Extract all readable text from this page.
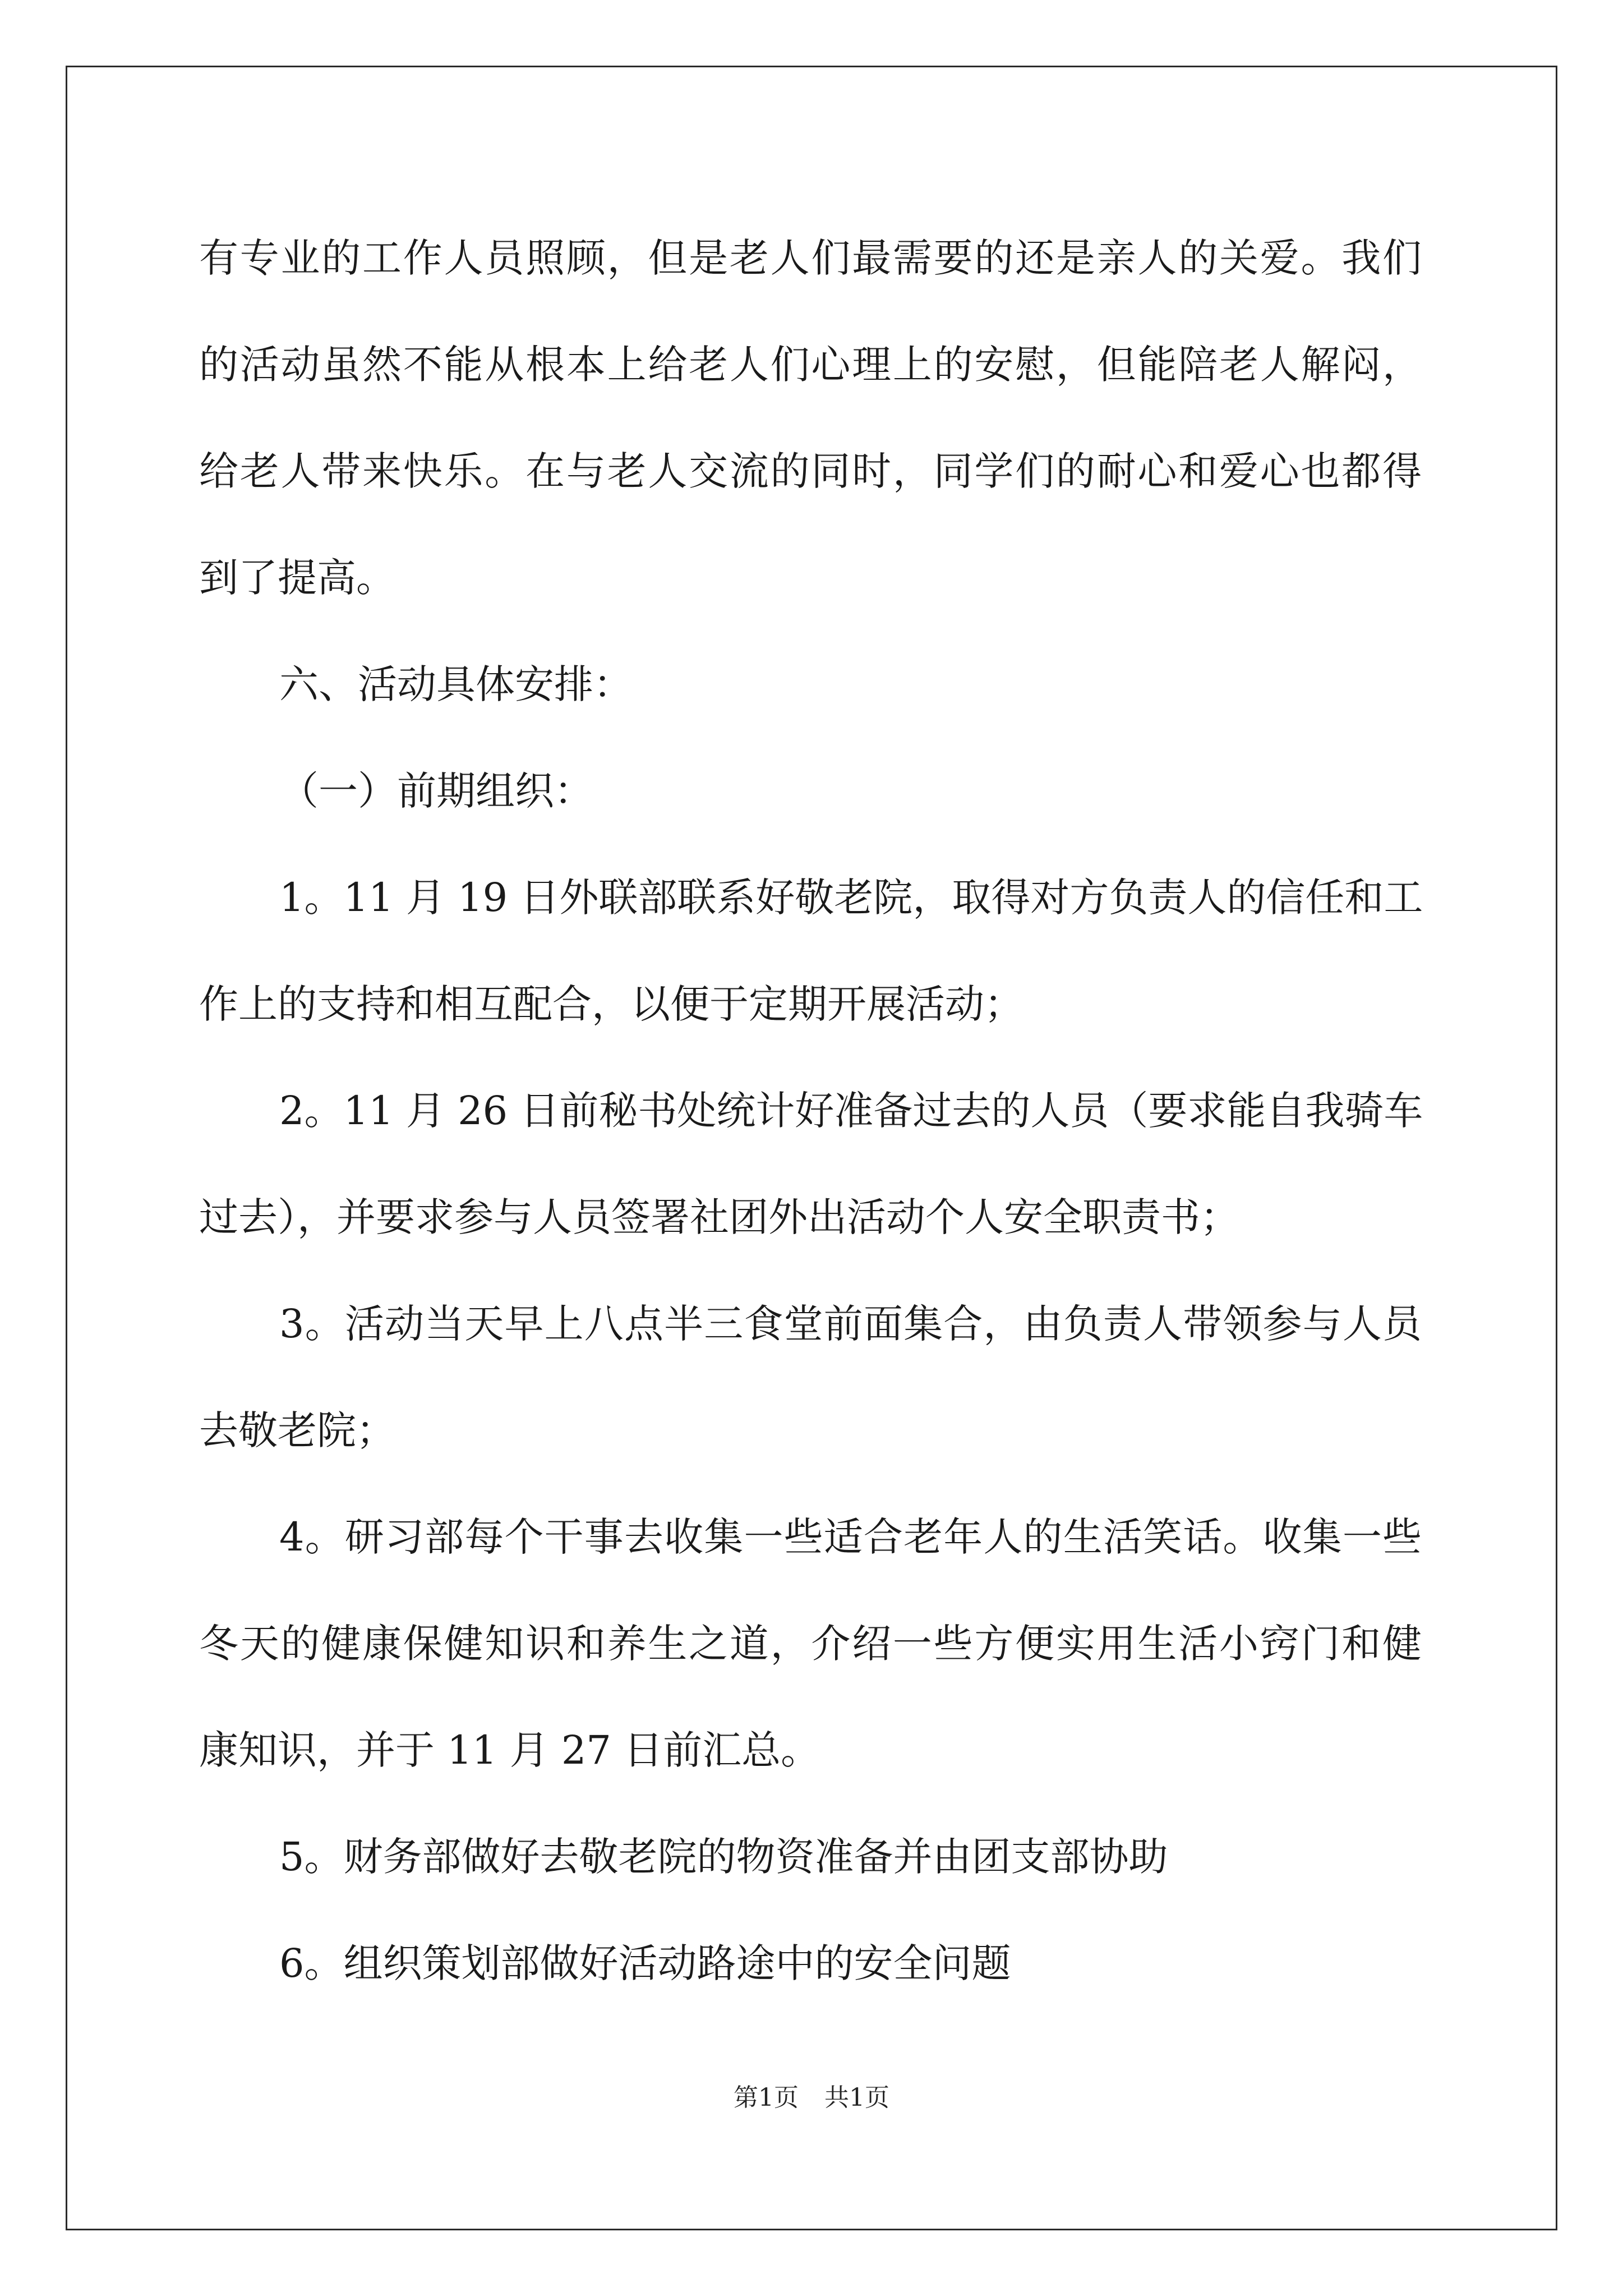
有专业的工作人员照顾，但是老人们最需要的还是亲人的关爱。我们
的活动虽然不能从根本上给老人们心理上的安慰，但能陪老人解闷，
给老人带来快乐。在与老人交流的同时，同学们的耐心和爱心也都得
到了提高。
六、活动具体安排：
（一）前期组织：
1。11 月 19 日外联部联系好敬老院，取得对方负责人的信任和工
作上的支持和相互配合，以便于定期开展活动；
2。11 月 26 日前秘书处统计好准备过去的人员（要求能自我骑车
过去），并要求参与人员签署社团外出活动个人安全职责书；
3。活动当天早上八点半三食堂前面集合，由负责人带领参与人员
去敬老院；
4。研习部每个干事去收集一些适合老年人的生活笑话。收集一些
冬天的健康保健知识和养生之道，介绍一些方便实用生活小窍门和健
康知识，并于 11 月 27 日前汇总。
5。财务部做好去敬老院的物资准备并由团支部协助
6。组织策划部做好活动路途中的安全问题
第1页 共1页
